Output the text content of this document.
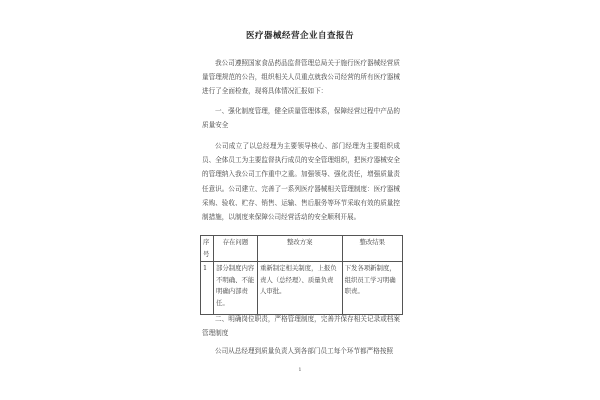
医疗器械经营企业自查报告

我公司遵照国家食品药品监督管理总局关于施行医疗器械经营质量管理规范的公告，组织相关人员重点就我公司经营的所有医疗器械进行了全面检查，现将具体情况汇报如下：

一、强化制度管理，健全质量管理体系，保障经营过程中产品的质量安全

公司成立了以总经理为主要领导核心、部门经理为主要组织成员、全体员工为主要监督执行成员的安全管理组织，把医疗器械安全的管理纳入我公司工作重中之重。加强领导、强化责任，增强质量责任意识。公司建立、完善了一系列医疗器械相关管理制度：医疗器械采购、验收、贮存、销售、运输、售后服务等环节采取有效的质量控制措施，以制度来保障公司经营活动的安全顺利开展。

序号	存在问题	整改方案	整改结果
1	部分制度内容不明确、不能明确内部责任。	重新制定相关制度，上报负责人（总经理）、质量负责人审批。	下发各项新制度，组织员工学习明确职责。

二、明确岗位职责，严格管理制度，完善并保存相关记录或档案管理制度

公司从总经理到质量负责人到各部门员工每个环节都严格按照

1
